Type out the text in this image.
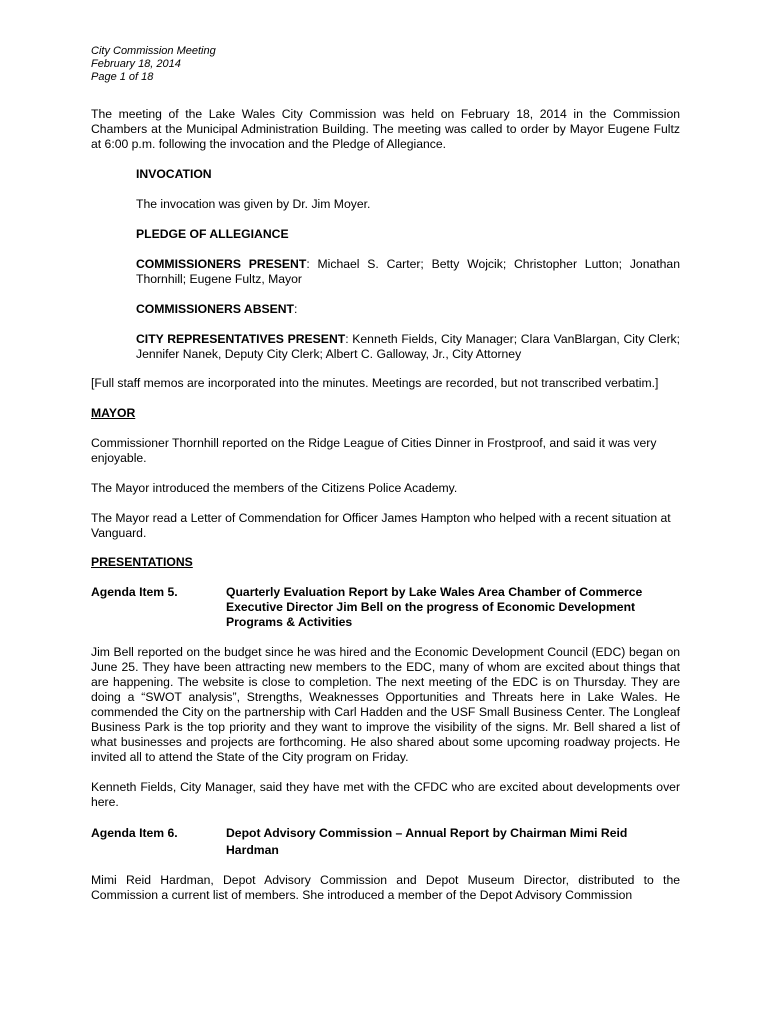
City Commission Meeting

February 18, 2014

Page 1 of 18

The meeting of the Lake Wales City Commission was held on February 18, 2014 in the Commission Chambers at the Municipal Administration Building. The meeting was called to order by Mayor Eugene Fultz at 6:00 p.m. following the invocation and the Pledge of Allegiance.

INVOCATION

The invocation was given by Dr. Jim Moyer.

PLEDGE OF ALLEGIANCE

COMMISSIONERS PRESENT: Michael S. Carter; Betty Wojcik; Christopher Lutton; Jonathan Thornhill; Eugene Fultz, Mayor

COMMISSIONERS ABSENT:

CITY REPRESENTATIVES PRESENT: Kenneth Fields, City Manager; Clara VanBlargan, City Clerk; Jennifer Nanek, Deputy City Clerk; Albert C. Galloway, Jr., City Attorney

[Full staff memos are incorporated into the minutes. Meetings are recorded, but not transcribed verbatim.]

MAYOR

Commissioner Thornhill reported on the Ridge League of Cities Dinner in Frostproof, and said it was very enjoyable.

The Mayor introduced the members of the Citizens Police Academy.

The Mayor read a Letter of Commendation for Officer James Hampton who helped with a recent situation at Vanguard.

PRESENTATIONS

Agenda Item 5.	Quarterly Evaluation Report by Lake Wales Area Chamber of Commerce Executive Director Jim Bell on the progress of Economic Development Programs & Activities

Jim Bell reported on the budget since he was hired and the Economic Development Council (EDC) began on June 25. They have been attracting new members to the EDC, many of whom are excited about things that are happening. The website is close to completion. The next meeting of the EDC is on Thursday. They are doing a “SWOT analysis”, Strengths, Weaknesses Opportunities and Threats here in Lake Wales. He commended the City on the partnership with Carl Hadden and the USF Small Business Center. The Longleaf Business Park is the top priority and they want to improve the visibility of the signs. Mr. Bell shared a list of what businesses and projects are forthcoming. He also shared about some upcoming roadway projects. He invited all to attend the State of the City program on Friday.

Kenneth Fields, City Manager, said they have met with the CFDC who are excited about developments over here.

Agenda Item 6.	Depot Advisory Commission – Annual Report by Chairman Mimi Reid Hardman

Mimi Reid Hardman, Depot Advisory Commission and Depot Museum Director, distributed to the Commission a current list of members. She introduced a member of the Depot Advisory Commission
